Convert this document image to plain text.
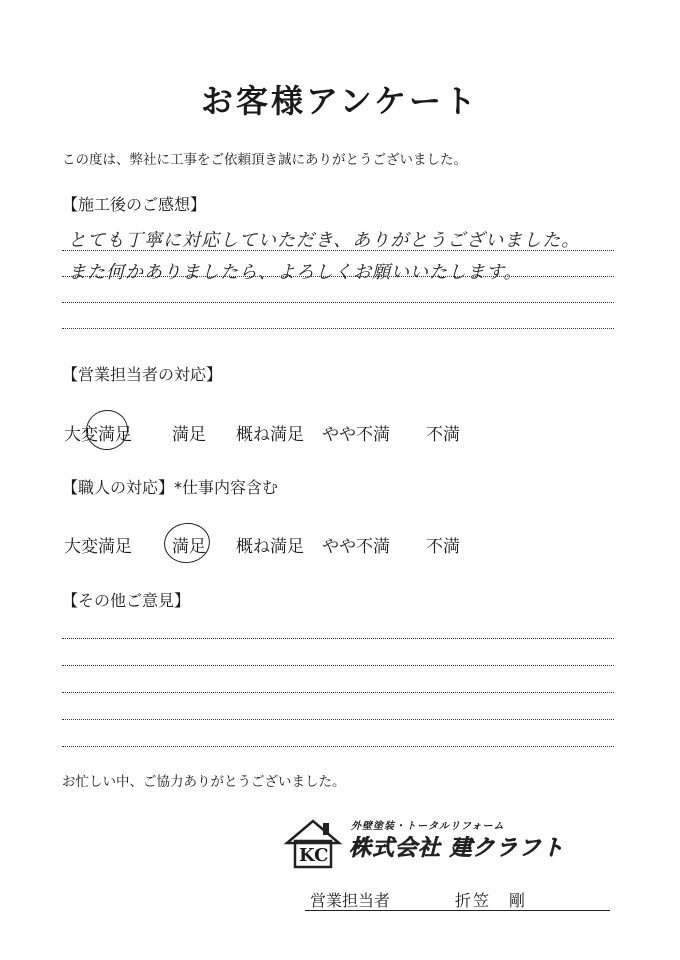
お客様アンケート
この度は、弊社に工事をご依頼頂き誠にありがとうございました。
【施工後のご感想】
とても丁寧に対応していただき、ありがとうございました。
また何かありましたら、よろしくお願いいたします。
【営業担当者の対応】
大変満足 満足 概ね満足 やや不満 不満
【職人の対応】*仕事内容含む
大変満足 満足 概ね満足 やや不満 不満
【その他ご意見】
お忙しい中、ご協力ありがとうございました。
KC
外壁塗装・トータルリフォーム
株式会社 建クラフト
営業担当者	折笠　剛
